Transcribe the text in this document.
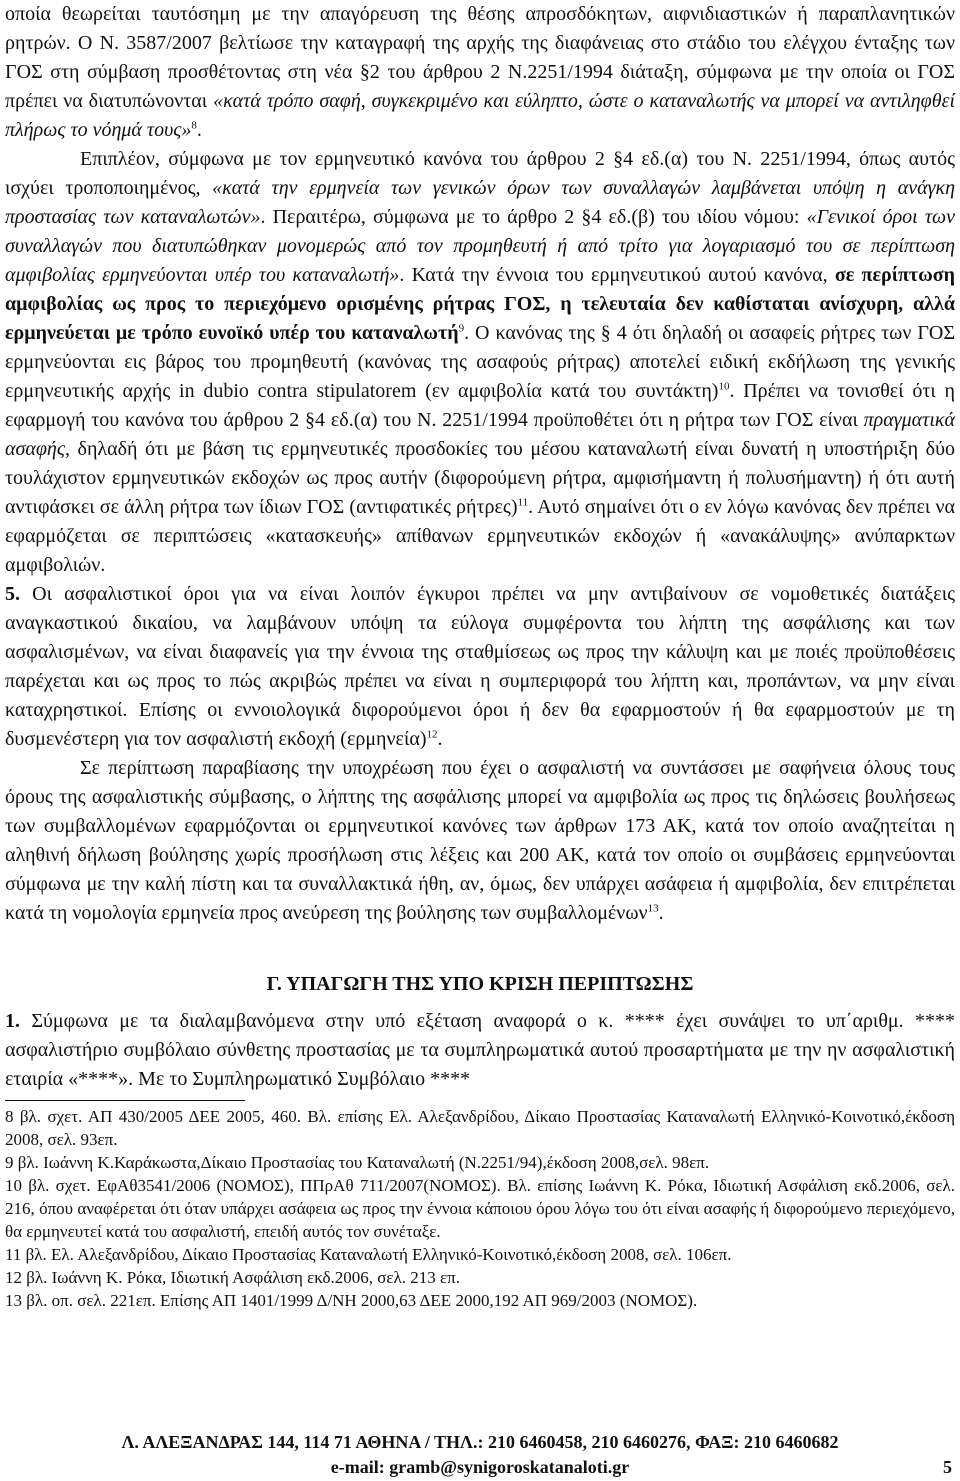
οποία θεωρείται ταυτόσημη με την απαγόρευση της θέσης απροσδόκητων, αιφνιδιαστικών ή παραπλανητικών ρητρών. Ο Ν. 3587/2007 βελτίωσε την καταγραφή της αρχής της διαφάνειας στο στάδιο του ελέγχου ένταξης των ΓΟΣ στη σύμβαση προσθέτοντας στη νέα §2 του άρθρου 2 Ν.2251/1994 διάταξη, σύμφωνα με την οποία οι ΓΟΣ πρέπει να διατυπώνονται «κατά τρόπο σαφή, συγκεκριμένο και εύληπτο, ώστε ο καταναλωτής να μπορεί να αντιληφθεί πλήρως το νόημά τους»$^8$.

Επιπλέον, σύμφωνα με τον ερμηνευτικό κανόνα του άρθρου 2 §4 εδ.(α) του Ν. 2251/1994, όπως αυτός ισχύει τροποποιημένος, «κατά την ερμηνεία των γενικών όρων των συναλλαγών λαμβάνεται υπόψη η ανάγκη προστασίας των καταναλωτών». Περαιτέρω, σύμφωνα με το άρθρο 2 §4 εδ.(β) του ιδίου νόμου: «Γενικοί όροι των συναλλαγών που διατυπώθηκαν μονομερώς από τον προμηθευτή ή από τρίτο για λογαριασμό του σε περίπτωση αμφιβολίας ερμηνεύονται υπέρ του καταναλωτή». Κατά την έννοια του ερμηνευτικού αυτού κανόνα, σε περίπτωση αμφιβολίας ως προς το περιεχόμενο ορισμένης ρήτρας ΓΟΣ, η τελευταία δεν καθίσταται ανίσχυρη, αλλά ερμηνεύεται με τρόπο ευνοϊκό υπέρ του καταναλωτή$^9$. Ο κανόνας της § 4 ότι δηλαδή οι ασαφείς ρήτρες των ΓΟΣ ερμηνεύονται εις βάρος του προμηθευτή (κανόνας της ασαφούς ρήτρας) αποτελεί ειδική εκδήλωση της γενικής ερμηνευτικής αρχής in dubio contra stipulatorem (εν αμφιβολία κατά του συντάκτη)$^{10}$. Πρέπει να τονισθεί ότι η εφαρμογή του κανόνα του άρθρου 2 §4 εδ.(α) του Ν. 2251/1994 προϋποθέτει ότι η ρήτρα των ΓΟΣ είναι πραγματικά ασαφής, δηλαδή ότι με βάση τις ερμηνευτικές προσδοκίες του μέσου καταναλωτή είναι δυνατή η υποστήριξη δύο τουλάχιστον ερμηνευτικών εκδοχών ως προς αυτήν (διφορούμενη ρήτρα, αμφισήμαντη ή πολυσήμαντη) ή ότι αυτή αντιφάσκει σε άλλη ρήτρα των ίδιων ΓΟΣ (αντιφατικές ρήτρες)$^{11}$. Αυτό σημαίνει ότι ο εν λόγω κανόνας δεν πρέπει να εφαρμόζεται σε περιπτώσεις «κατασκευής» απίθανων ερμηνευτικών εκδοχών ή «ανακάλυψης» ανύπαρκτων αμφιβολιών.

5. Οι ασφαλιστικοί όροι για να είναι λοιπόν έγκυροι πρέπει να μην αντιβαίνουν σε νομοθετικές διατάξεις αναγκαστικού δικαίου, να λαμβάνουν υπόψη τα εύλογα συμφέροντα του λήπτη της ασφάλισης και των ασφαλισμένων, να είναι διαφανείς για την έννοια της σταθμίσεως ως προς την κάλυψη και με ποιές προϋποθέσεις παρέχεται και ως προς το πώς ακριβώς πρέπει να είναι η συμπεριφορά του λήπτη και, προπάντων, να μην είναι καταχρηστικοί. Επίσης οι εννοιολογικά διφορούμενοι όροι ή δεν θα εφαρμοστούν ή θα εφαρμοστούν με τη δυσμενέστερη για τον ασφαλιστή εκδοχή $(\varepsilon\rho\mu\eta\nu\varepsilon ί\alpha)^{12}$.

Σε περίπτωση παραβίασης την υποχρέωση που έχει ο ασφαλιστή να συντάσσει με σαφήνεια όλους τους όρους της ασφαλιστικής σύμβασης, ο λήπτης της ασφάλισης μπορεί να αμφιβολία ως προς τις δηλώσεις βουλήσεως των συμβαλλομένων εφαρμόζονται οι ερμηνευτικοί κανόνες των άρθρων 173 ΑΚ, κατά τον οποίο αναζητείται η αληθινή δήλωση βούλησης χωρίς προσήλωση στις λέξεις και 200 ΑΚ, κατά τον οποίο οι συμβάσεις ερμηνεύονται σύμφωνα με την καλή πίστη και τα συναλλακτικά ήθη, αν, όμως, δεν υπάρχει ασάφεια ή αμφιβολία, δεν επιτρέπεται κατά τη νομολογία ερμηνεία προς ανεύρεση της βούλησης των συμβαλλομένων$^{13}$.

Γ. ΥΠΑΓΩΓΗ ΤΗΣ ΥΠΟ ΚΡΙΣΗ ΠΕΡΙΠΤΩΣΗΣ

1. Σύμφωνα με τα διαλαμβανόμενα στην υπό εξέταση αναφορά ο κ. **** έχει συνάψει το υπ΄αριθμ. **** ασφαλιστήριο συμβόλαιο σύνθετης προστασίας με τα συμπληρωματικά αυτού προσαρτήματα με την ην ασφαλιστική εταιρία «****». Με το Συμπληρωματικό Συμβόλαιο ****

8 βλ. σχετ. ΑΠ 430/2005 ΔΕΕ 2005, 460. Βλ. επίσης Ελ. Αλεξανδρίδου, Δίκαιο Προστασίας Καταναλωτή Ελληνικό-Κοινοτικό,έκδοση 2008, σελ. 93επ.

9 βλ. Ιωάννη Κ.Καράκωστα,Δίκαιο Προστασίας του Καταναλωτή (Ν.2251/94),έκδοση 2008,σελ. 98επ.

10 βλ. σχετ. ΕφΑθ3541/2006 (ΝΟΜΟΣ), ΠΠρΑθ 711/2007(ΝΟΜΟΣ). Βλ. επίσης Ιωάννη Κ. Ρόκα, Ιδιωτική Ασφάλιση εκδ.2006, σελ. 216, όπου αναφέρεται ότι όταν υπάρχει ασάφεια ως προς την έννοια κάποιου όρου λόγω του ότι είναι ασαφής ή διφορούμενο περιεχόμενο, θα ερμηνευτεί κατά του ασφαλιστή, επειδή αυτός τον συνέταξε.

11 βλ. Ελ. Αλεξανδρίδου, Δίκαιο Προστασίας Καταναλωτή Ελληνικό-Κοινοτικό,έκδοση 2008, σελ. 106επ.

12 βλ. Ιωάννη Κ. Ρόκα, Ιδιωτική Ασφάλιση εκδ.2006, σελ. 213 επ.

13 βλ. οπ. σελ. 221επ. Επίσης ΑΠ 1401/1999 Δ/ΝΗ 2000,63 ΔΕΕ 2000,192 ΑΠ 969/2003 (ΝΟΜΟΣ).

Λ. ΑΛΕΞΑΝΔΡΑΣ 144, 114 71 ΑΘΗΝΑ / ΤΗΛ.: 210 6460458, 210 6460276, ΦΑΞ: 210 6460682
e-mail: gramb@synigoroskatanaloti.gr	5
